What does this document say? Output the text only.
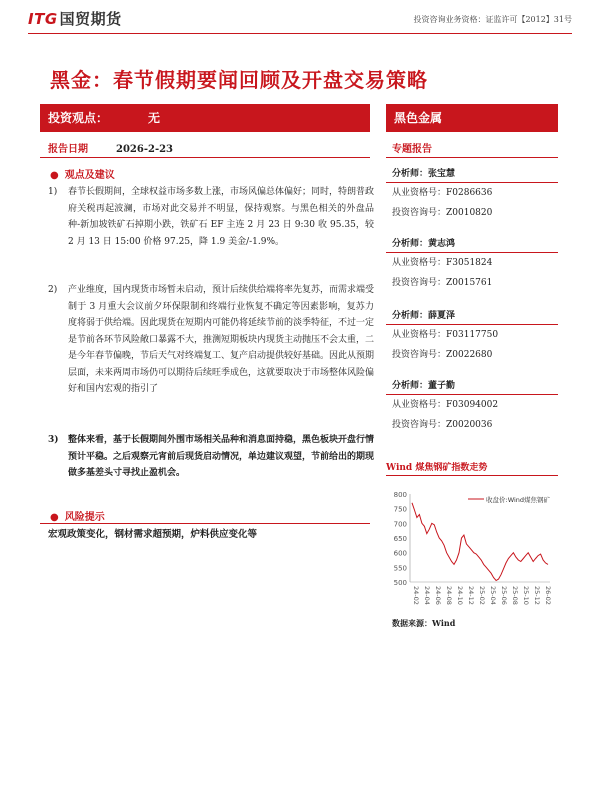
ITG 国贸期货	投资咨询业务资格：证监许可【2012】31号
黑金：春节假期要闻回顾及开盘交易策略
投资观点：	无	黑色金属
报告日期	2026-2-23	专题报告
● 观点及建议
1) 春节长假期间，全球权益市场多数上涨，市场风偏总体偏好；同时，特朗普政府关税再起波澜，市场对此交易并不明显，保持观察。与黑色相关的外盘品种-新加坡铁矿石掉期小跌，铁矿石 EF 主连 2 月 23 日 9:30 收 95.35，较 2 月 13 日 15:00 价格 97.25，降 1.9 美金/-1.9%。
2) 产业维度，国内现货市场暂未启动，预计后续供给端将率先复苏，而需求端受制于 3 月重大会议前夕环保限制和终端行业恢复不确定等因素影响，复苏力度将弱于供给端。因此现货在短期内可能仍将延续节前的淡季特征，不过一定是节前各环节风险敞口暴露不大，推测短期板块内现货主动抛压不会太重，二是今年春节偏晚，节后天气对终端复工、复产启动提供较好基础。因此从预期层面，未来两周市场仍可以期待后续旺季成色，这就要取决于市场整体风险偏好和国内宏观的指引了
3) 整体来看，基于长假期间外围市场相关品种和消息面持稳，黑色板块开盘行情预计平稳。之后观察元宵前后现货启动情况，单边建议观望，节前给出的期现做多基差头寸寻找止盈机会。
● 风险提示
宏观政策变化，钢材需求超预期，炉料供应变化等
分析师：张宝慧
从业资格号：F0286636
投资咨询号：Z0010820
分析师：黄志鸿
从业资格号：F3051824
投资咨询号：Z0015761
分析师：薛夏泽
从业资格号：F03117750
投资咨询号：Z0022680
分析师：董子勤
从业资格号：F03094002
投资咨询号：Z0020036
Wind 煤焦钢矿指数走势
500
550
600
650
700
750
800
24-02 24-04 24-06 24-08 24-10 24-12 25-02 25-04 25-06 25-08 25-10 25-12 26-02
收盘价:Wind煤焦钢矿
数据来源：Wind
